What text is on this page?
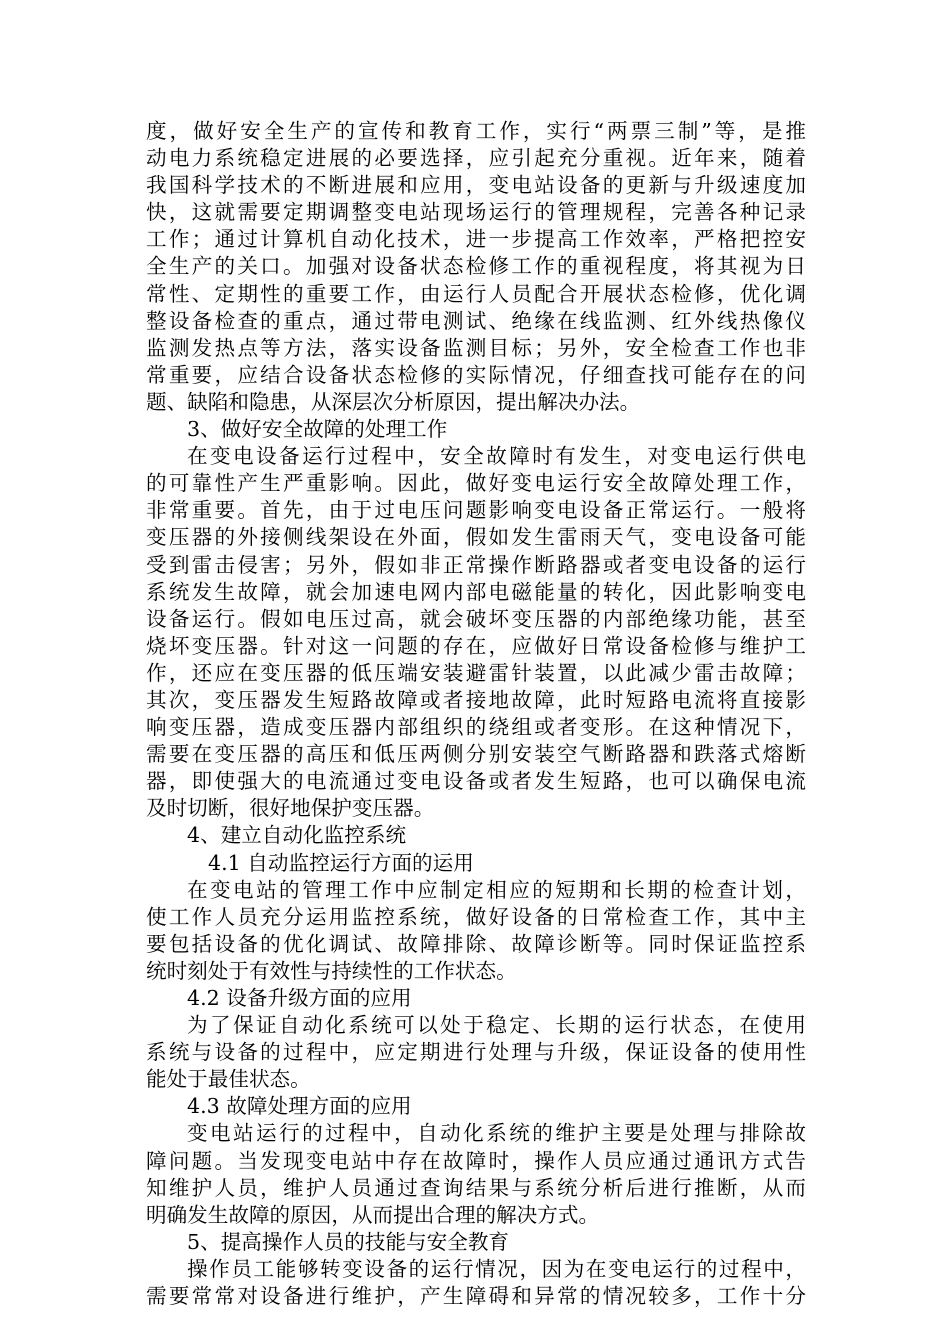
度，做好安全生产的宣传和教育工作，实行“两票三制”等，是推
动电力系统稳定进展的必要选择，应引起充分重视。近年来，随着
我国科学技术的不断进展和应用，变电站设备的更新与升级速度加
快，这就需要定期调整变电站现场运行的管理规程，完善各种记录
工作；通过计算机自动化技术，进一步提高工作效率，严格把控安
全生产的关口。加强对设备状态检修工作的重视程度，将其视为日
常性、定期性的重要工作，由运行人员配合开展状态检修，优化调
整设备检查的重点，通过带电测试、绝缘在线监测、红外线热像仪
监测发热点等方法，落实设备监测目标；另外，安全检查工作也非
常重要，应结合设备状态检修的实际情况，仔细查找可能存在的问
题、缺陷和隐患，从深层次分析原因，提出解决办法。
3、做好安全故障的处理工作
在变电设备运行过程中，安全故障时有发生，对变电运行供电
的可靠性产生严重影响。因此，做好变电运行安全故障处理工作，
非常重要。首先，由于过电压问题影响变电设备正常运行。一般将
变压器的外接侧线架设在外面，假如发生雷雨天气，变电设备可能
受到雷击侵害；另外，假如非正常操作断路器或者变电设备的运行
系统发生故障，就会加速电网内部电磁能量的转化，因此影响变电
设备运行。假如电压过高，就会破坏变压器的内部绝缘功能，甚至
烧坏变压器。针对这一问题的存在，应做好日常设备检修与维护工
作，还应在变压器的低压端安装避雷针装置，以此减少雷击故障；
其次，变压器发生短路故障或者接地故障，此时短路电流将直接影
响变压器，造成变压器内部组织的绕组或者变形。在这种情况下，
需要在变压器的高压和低压两侧分别安装空气断路器和跌落式熔断
器，即使强大的电流通过变电设备或者发生短路，也可以确保电流
及时切断，很好地保护变压器。
4、建立自动化监控系统
4.1 自动监控运行方面的运用
在变电站的管理工作中应制定相应的短期和长期的检查计划，
使工作人员充分运用监控系统，做好设备的日常检查工作，其中主
要包括设备的优化调试、故障排除、故障诊断等。同时保证监控系
统时刻处于有效性与持续性的工作状态。
4.2 设备升级方面的应用
为了保证自动化系统可以处于稳定、长期的运行状态，在使用
系统与设备的过程中，应定期进行处理与升级，保证设备的使用性
能处于最佳状态。
4.3 故障处理方面的应用
变电站运行的过程中，自动化系统的维护主要是处理与排除故
障问题。当发现变电站中存在故障时，操作人员应通过通讯方式告
知维护人员，维护人员通过查询结果与系统分析后进行推断，从而
明确发生故障的原因，从而提出合理的解决方式。
5、提高操作人员的技能与安全教育
操作员工能够转变设备的运行情况，因为在变电运行的过程中，
需要常常对设备进行维护，产生障碍和异常的情况较多，工作十分
